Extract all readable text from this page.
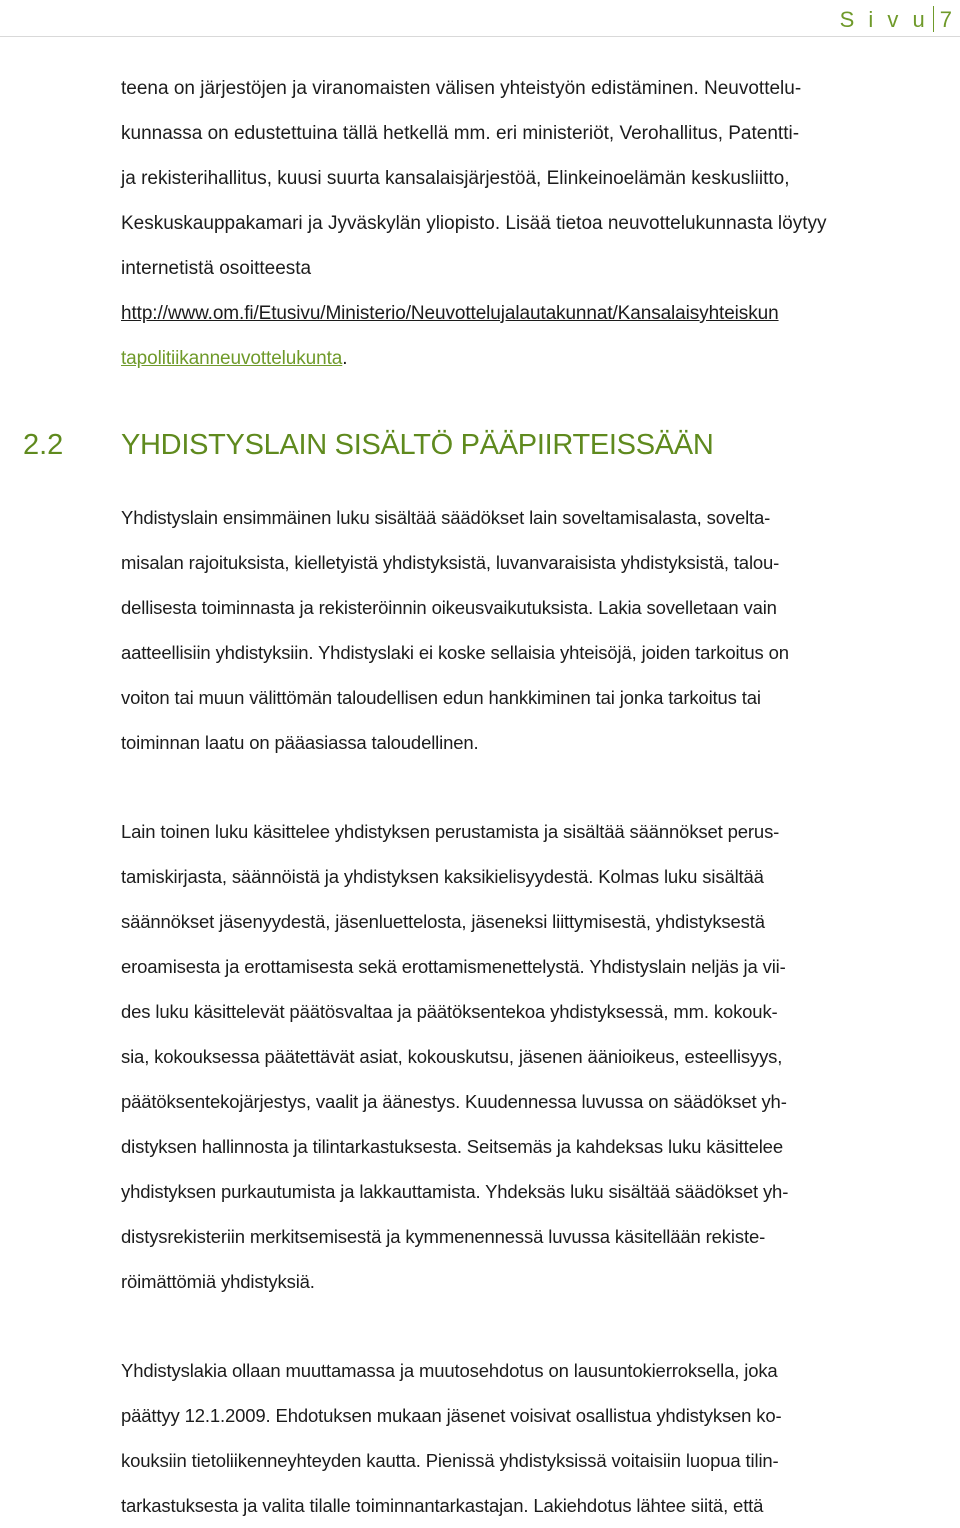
S i v u 7
teena on järjestöjen ja viranomaisten välisen yhteistyön edistäminen. Neuvottelu-
kunnassa on edustettuina tällä hetkellä mm. eri ministeriöt, Verohallitus, Patentti-
ja rekisterihallitus, kuusi suurta kansalaisjärjestöä, Elinkeinoelämän keskusliitto,
Keskuskauppakamari ja Jyväskylän yliopisto. Lisää tietoa neuvottelukunnasta löytyy
internetistä osoitteesta
http://www.om.fi/Etusivu/Ministerio/Neuvottelujalautakunnat/Kansalaisyhteiskun
tapolitiikanneuvottelukunta.
2.2 YHDISTYSLAIN SISÄLTÖ PÄÄPIIRTEISSÄÄN
Yhdistyslain ensimmäinen luku sisältää säädökset lain soveltamisalasta, sovelta-
misalan rajoituksista, kielletyistä yhdistyksistä, luvanvaraisista yhdistyksistä, talou-
dellisesta toiminnasta ja rekisteröinnin oikeusvaikutuksista. Lakia sovelletaan vain
aatteellisiin yhdistyksiin. Yhdistyslaki ei koske sellaisia yhteisöjä, joiden tarkoitus on
voiton tai muun välittömän taloudellisen edun hankkiminen tai jonka tarkoitus tai
toiminnan laatu on pääasiassa taloudellinen.
Lain toinen luku käsittelee yhdistyksen perustamista ja sisältää säännökset perus-
tamiskirjasta, säännöistä ja yhdistyksen kaksikielisyydestä. Kolmas luku sisältää
säännökset jäsenyydestä, jäsenluettelosta, jäseneksi liittymisestä, yhdistyksestä
eroamisesta ja erottamisesta sekä erottamismenettelystä. Yhdistyslain neljäs ja vii-
des luku käsittelevät päätösvaltaa ja päätöksentekoa yhdistyksessä, mm. kokouk-
sia, kokouksessa päätettävät asiat, kokouskutsu, jäsenen äänioikeus, esteellisyys,
päätöksentekojärjestys, vaalit ja äänestys. Kuudennessa luvussa on säädökset yh-
distyksen hallinnosta ja tilintarkastuksesta. Seitsemäs ja kahdeksas luku käsittelee
yhdistyksen purkautumista ja lakkauttamista. Yhdeksäs luku sisältää säädökset yh-
distysrekisteriin merkitsemisestä ja kymmenennessä luvussa käsitellään rekiste-
röimättömiä yhdistyksiä.
Yhdistyslakia ollaan muuttamassa ja muutosehdotus on lausuntokierroksella, joka
päättyy 12.1.2009. Ehdotuksen mukaan jäsenet voisivat osallistua yhdistyksen ko-
kouksiin tietoliikenneyhteyden kautta. Pienissä yhdistyksissä voitaisiin luopua tilin-
tarkastuksesta ja valita tilalle toiminnantarkastajan. Lakiehdotus lähtee siitä, että
